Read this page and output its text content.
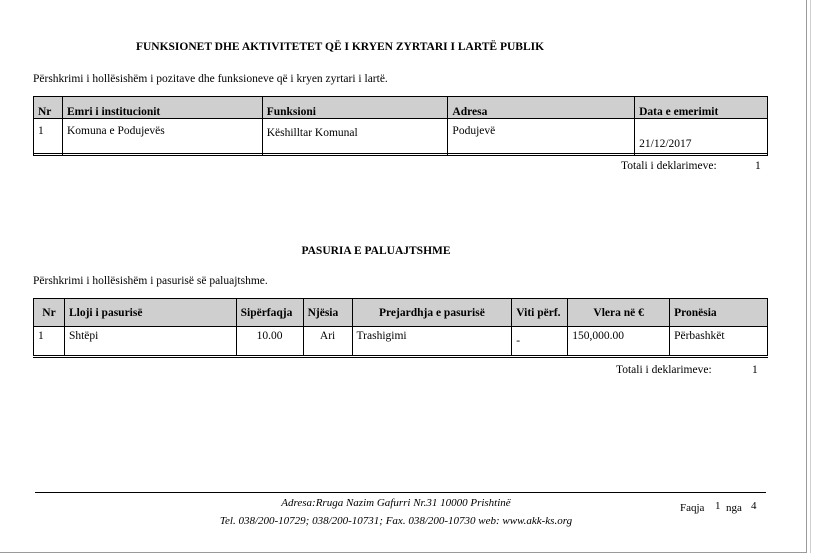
FUNKSIONET DHE AKTIVITETET QË I KRYEN ZYRTARI I LARTË PUBLIK
Përshkrimi i hollësishëm i pozitave dhe funksioneve që i kryen zyrtari i lartë.
Nr	Emri i institucionit	Funksioni	Adresa	Data e emerimit
1	Komuna e Podujevës	Këshilltar Komunal	Podujevë	21/12/2017
Totali i deklarimeve:	1
PASURIA E PALUAJTSHME
Përshkrimi i hollësishëm i pasurisë së paluajtshme.
Nr	Lloji i pasurisë	Sipërfaqja	Njësia	Prejardhja e pasurisë	Viti përf.	Vlera në €	Pronësia
1	Shtëpi	10.00	Ari	Trashigimi	-	150,000.00	Përbashkët
Totali i deklarimeve:	1
Adresa:Rruga Nazim Gafurri Nr.31 10000 Prishtinë
Tel. 038/200-10729; 038/200-10731; Fax. 038/200-10730 web: www.akk-ks.org
Faqja 1 nga 4
